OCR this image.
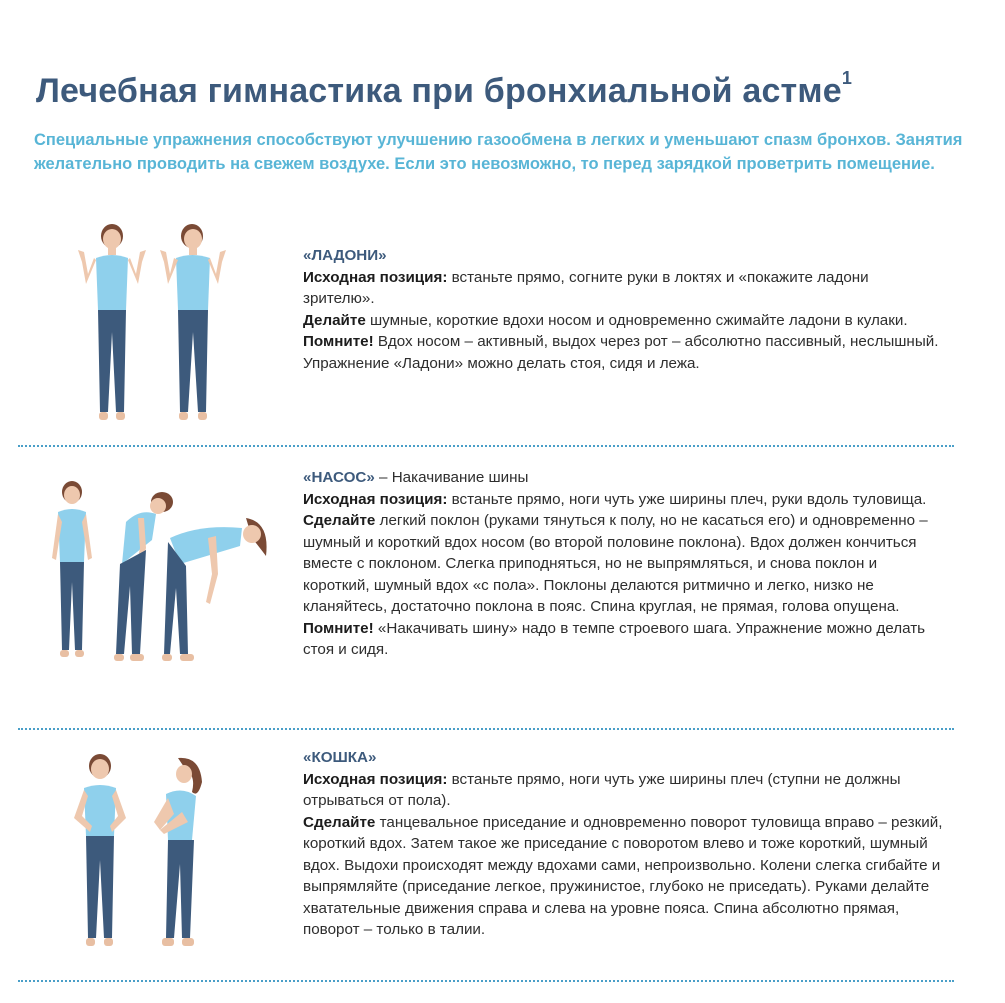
Лечебная гимнастика при бронхиальной астме$^1$
Специальные упражнения способствуют улучшению газообмена в легких и уменьшают спазм бронхов. Занятия желательно проводить на свежем воздухе. Если это невозможно, то перед зарядкой проветрить помещение.

«ЛАДОНИ»

Исходная позиция: встаньте прямо, согните руки в локтях и «покажите ладони зрителю».

Делайте шумные, короткие вдохи носом и одновременно сжимайте ладони в кулаки.

Помните! Вдох носом – активный, выдох через рот – абсолютно пассивный, неслышный. Упражнение «Ладони» можно делать стоя, сидя и лежа.

«НАСОС» – Накачивание шины

Исходная позиция: встаньте прямо, ноги чуть уже ширины плеч, руки вдоль туловища.

Сделайте легкий поклон (руками тянуться к полу, но не касаться его) и одновременно – шумный и короткий вдох носом (во второй половине поклона). Вдох должен кончиться вместе с поклоном. Слегка приподняться, но не выпрямляться, и снова поклон и короткий, шумный вдох «с пола». Поклоны делаются ритмично и легко, низко не кланяйтесь, достаточно поклона в пояс. Спина круглая, не прямая, голова опущена.

Помните! «Накачивать шину» надо в темпе строевого шага. Упражнение можно делать стоя и сидя.

«КОШКА»

Исходная позиция: встаньте прямо, ноги чуть уже ширины плеч (ступни не должны отрываться от пола).

Сделайте танцевальное приседание и одновременно поворот туловища вправо – резкий, короткий вдох. Затем такое же приседание с поворотом влево и тоже короткий, шумный вдох. Выдохи происходят между вдохами сами, непроизвольно. Колени слегка сгибайте и выпрямляйте (приседание легкое, пружинистое, глубоко не приседать). Руками делайте хватательные движения справа и слева на уровне пояса. Спина абсолютно прямая, поворот – только в талии.
